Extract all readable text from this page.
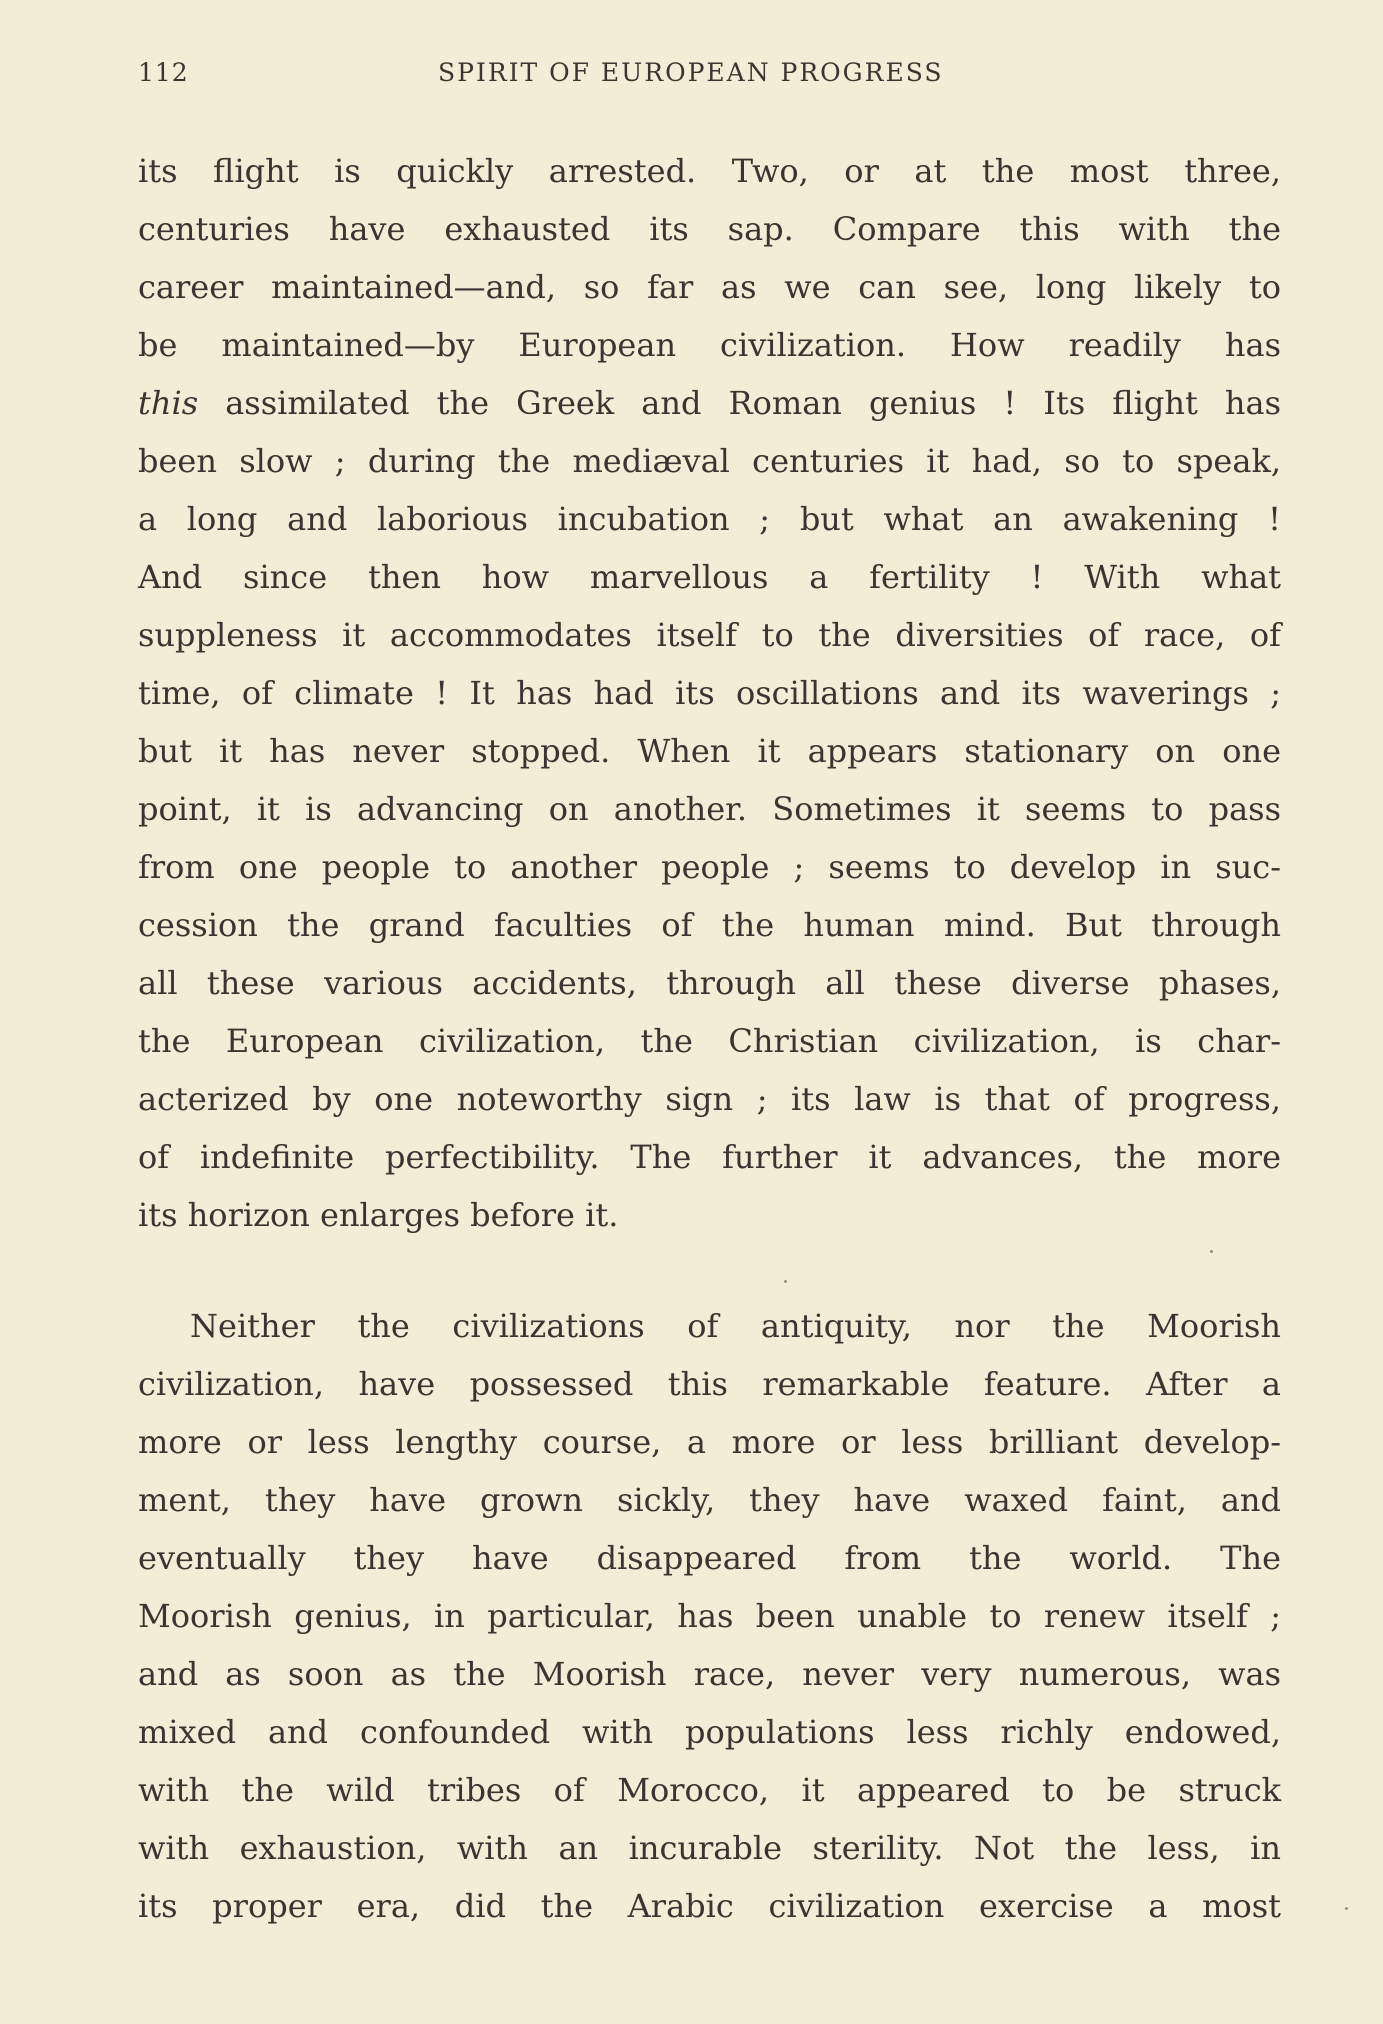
112	SPIRIT OF EUROPEAN PROGRESS
its flight is quickly arrested. Two, or at the most three,
centuries have exhausted its sap. Compare this with the
career maintained—and, so far as we can see, long likely to
be maintained—by European civilization. How readily has
this assimilated the Greek and Roman genius ! Its flight has
been slow ; during the mediæval centuries it had, so to speak,
a long and laborious incubation ; but what an awakening !
And since then how marvellous a fertility ! With what
suppleness it accommodates itself to the diversities of race, of
time, of climate ! It has had its oscillations and its waverings ;
but it has never stopped. When it appears stationary on one
point, it is advancing on another. Sometimes it seems to pass
from one people to another people ; seems to develop in suc-
cession the grand faculties of the human mind. But through
all these various accidents, through all these diverse phases,
the European civilization, the Christian civilization, is char-
acterized by one noteworthy sign ; its law is that of progress,
of indefinite perfectibility. The further it advances, the more
its horizon enlarges before it.
Neither the civilizations of antiquity, nor the Moorish
civilization, have possessed this remarkable feature. After a
more or less lengthy course, a more or less brilliant develop-
ment, they have grown sickly, they have waxed faint, and
eventually they have disappeared from the world. The
Moorish genius, in particular, has been unable to renew itself ;
and as soon as the Moorish race, never very numerous, was
mixed and confounded with populations less richly endowed,
with the wild tribes of Morocco, it appeared to be struck
with exhaustion, with an incurable sterility. Not the less, in
its proper era, did the Arabic civilization exercise a most
